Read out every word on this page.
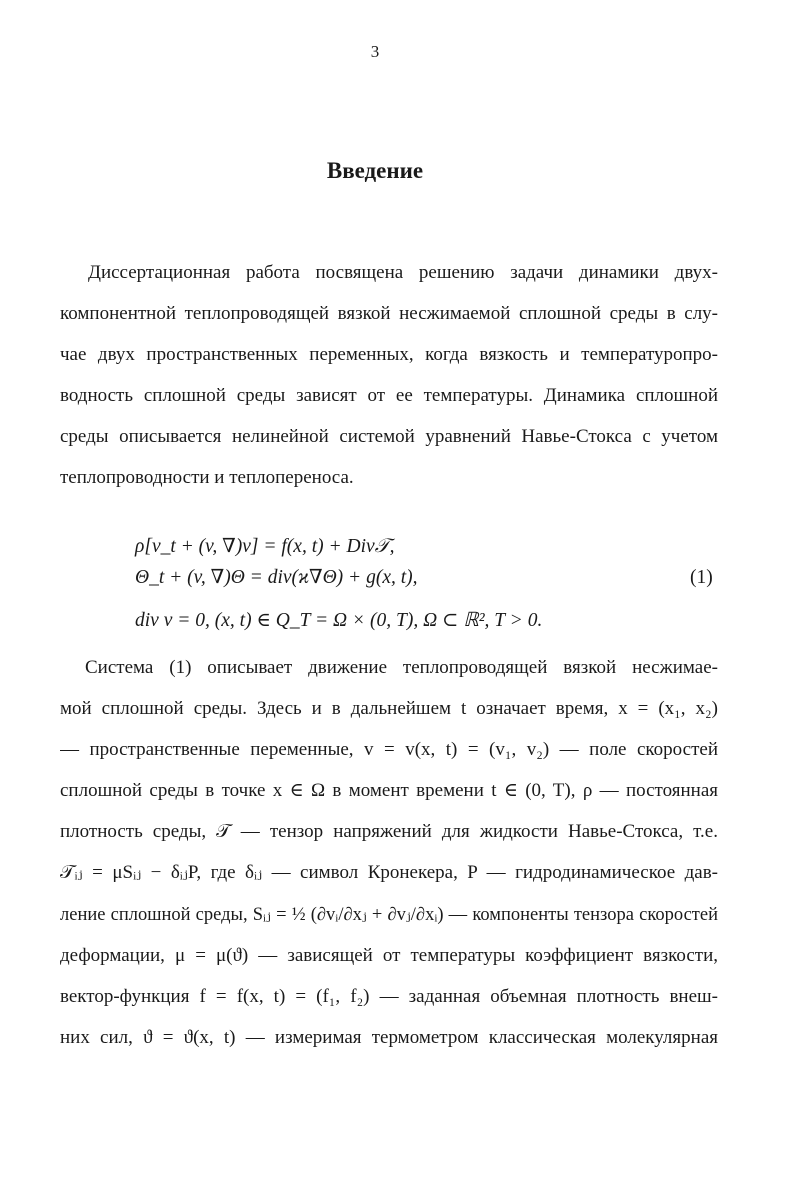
3
Введение
Диссертационная работа посвящена решению задачи динамики двух-
компонентной теплопроводящей вязкой несжимаемой сплошной среды в слу-
чае двух пространственных переменных, когда вязкость и температуропро-
водность сплошной среды зависят от ее температуры. Динамика сплошной
среды описывается нелинейной системой уравнений Навье-Стокса с учетом
теплопроводности и теплопереноса.
ρ[v_t + (v, ∇)v] = f(x, t) + Div𝒯,
Θ_t + (v, ∇)Θ = div(ϰ∇Θ) + g(x, t),
div v = 0, (x, t) ∈ Q_T = Ω × (0, T), Ω ⊂ ℝ², T > 0.
(1)
Система (1) описывает движение теплопроводящей вязкой несжимае-
мой сплошной среды. Здесь и в дальнейшем t означает время, x = (x₁, x₂)
— пространственные переменные, v = v(x, t) = (v₁, v₂) — поле скоростей
сплошной среды в точке x ∈ Ω в момент времени t ∈ (0, T), ρ — постоянная
плотность среды, 𝒯 — тензор напряжений для жидкости Навье-Стокса, т.е.
𝒯ᵢⱼ = μSᵢⱼ − δᵢⱼP, где δᵢⱼ — символ Кронекера, P — гидродинамическое дав-
ление сплошной среды, Sᵢⱼ = ½ (∂vᵢ/∂xⱼ + ∂vⱼ/∂xᵢ) — компоненты тензора скоростей
деформации, μ = μ(ϑ) — зависящей от температуры коэффициент вязкости,
вектор-функция f = f(x, t) = (f₁, f₂) — заданная объемная плотность внеш-
них сил, ϑ = ϑ(x, t) — измеримая термометром классическая молекулярная
